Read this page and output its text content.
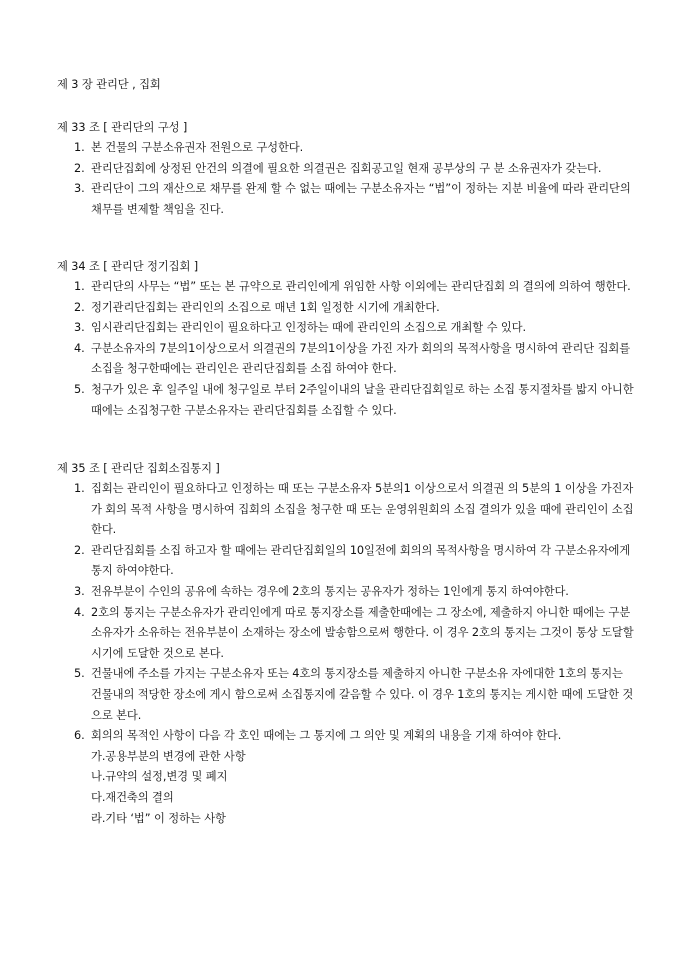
제 3 장 관리단 , 집회
제 33 조 [ 관리단의 구성 ]
1. 본 건물의 구분소유권자 전원으로 구성한다.
2. 관리단집회에 상정된 안건의 의결에 필요한 의결권은 집회공고일 현재 공부상의 구 분 소유권자가 갖는다.
3. 관리단이 그의 재산으로 채무를 완제 할 수 없는 때에는 구분소유자는 “법”이 정하는 지분 비율에 따라 관리단의 채무를 변제할 책임을 진다.
제 34 조 [ 관리단 정기집회 ]
1. 관리단의 사무는 “법” 또는 본 규약으로 관리인에게 위임한 사항 이외에는 관리단집회 의 결의에 의하여 행한다.
2. 정기관리단집회는 관리인의 소집으로 매년 1회 일정한 시기에 개최한다.
3. 임시관리단집회는 관리인이 필요하다고 인정하는 때에 관리인의 소집으로 개최할 수 있다.
4. 구분소유자의 7분의1이상으로서 의결권의 7분의1이상을 가진 자가 회의의 목적사항을 명시하여 관리단 집회를 소집을 청구한때에는 관리인은 관리단집회를 소집 하여야 한다.
5. 청구가 있은 후 일주일 내에 청구일로 부터 2주일이내의 날을 관리단집회일로 하는 소집 통지절차를 밟지 아니한 때에는 소집청구한 구분소유자는 관리단집회를 소집할 수 있다.
제 35 조 [ 관리단 집회소집통지 ]
1. 집회는 관리인이 필요하다고 인정하는 때 또는 구분소유자 5분의1 이상으로서 의결권 의 5분의 1 이상을 가진자가 회의 목적 사항을 명시하여 집회의 소집을 청구한 때 또는 운영위원회의 소집 결의가 있을 때에 관리인이 소집한다.
2. 관리단집회를 소집 하고자 할 때에는 관리단집회일의 10일전에 회의의 목적사항을 명시하여 각 구분소유자에게 통지 하여야한다.
3. 전유부분이 수인의 공유에 속하는 경우에 2호의 통지는 공유자가 정하는 1인에게 통지 하여야한다.
4. 2호의 통지는 구분소유자가 관리인에게 따로 통지장소를 제출한때에는 그 장소에, 제출하지 아니한 때에는 구분소유자가 소유하는 전유부분이 소재하는 장소에 발송함으로써 행한다. 이 경우 2호의 통지는 그것이 통상 도달할 시기에 도달한 것으로 본다.
5. 건물내에 주소를 가지는 구분소유자 또는 4호의 통지장소를 제출하지 아니한 구분소유 자에대한 1호의 통지는 건물내의 적당한 장소에 게시 함으로써 소집통지에 갈음할 수 있다. 이 경우 1호의 통지는 게시한 때에 도달한 것으로 본다.
6. 회의의 목적인 사항이 다음 각 호인 때에는 그 통지에 그 의안 및 계획의 내용을 기재 하여야 한다.
가.공용부분의 변경에 관한 사항
나.규약의 설정,변경 및 폐지
다.재건축의 결의
라.기타 ‘법” 이 정하는 사항
